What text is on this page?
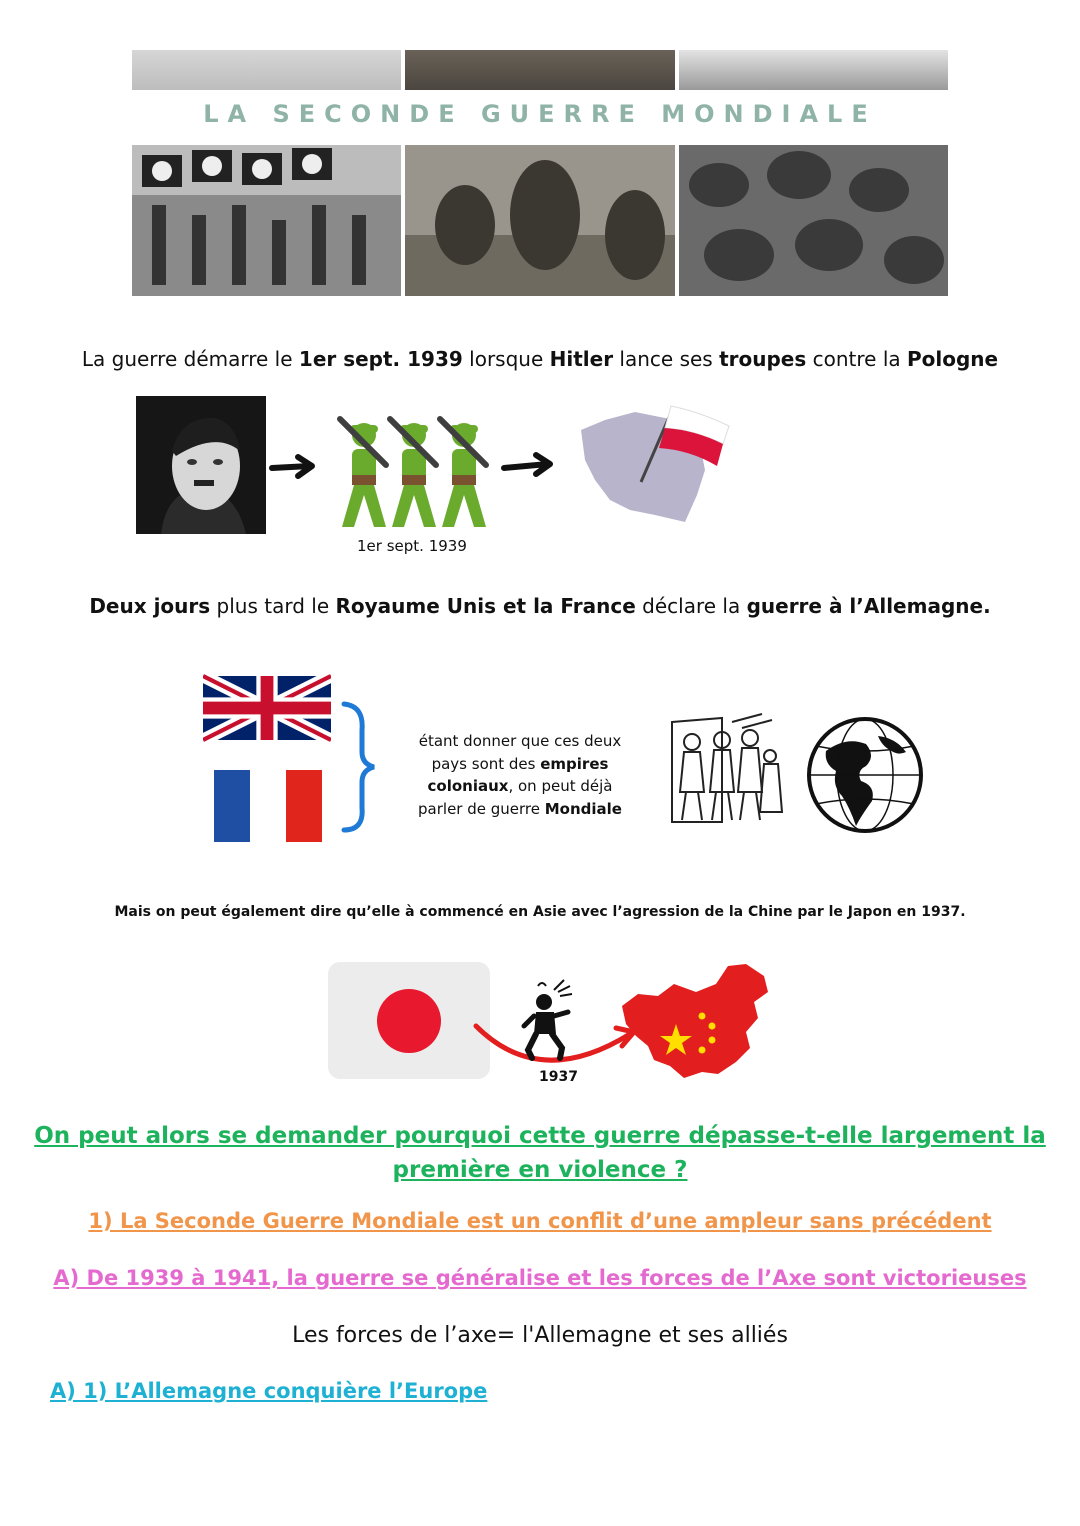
LA SECONDE GUERRE MONDIALE
La guerre démarre le 1er sept. 1939 lorsque Hitler lance ses troupes contre la Pologne
1er sept. 1939
Deux jours plus tard le Royaume Unis et la France déclare la guerre à l’Allemagne.
étant donner que ces deux
pays sont des empires
coloniaux, on peut déjà
parler de guerre Mondiale
Mais on peut également dire qu’elle à commencé en Asie avec l’agression de la Chine par le Japon en 1937.
1937
On peut alors se demander pourquoi cette guerre dépasse-t-elle largement la
première en violence ?
1) La Seconde Guerre Mondiale est un conflit d’une ampleur sans précédent
A) De 1939 à 1941, la guerre se généralise et les forces de l’Axe sont victorieuses
Les forces de l’axe= l'Allemagne et ses alliés
A) 1) L’Allemagne conquière l’Europe
